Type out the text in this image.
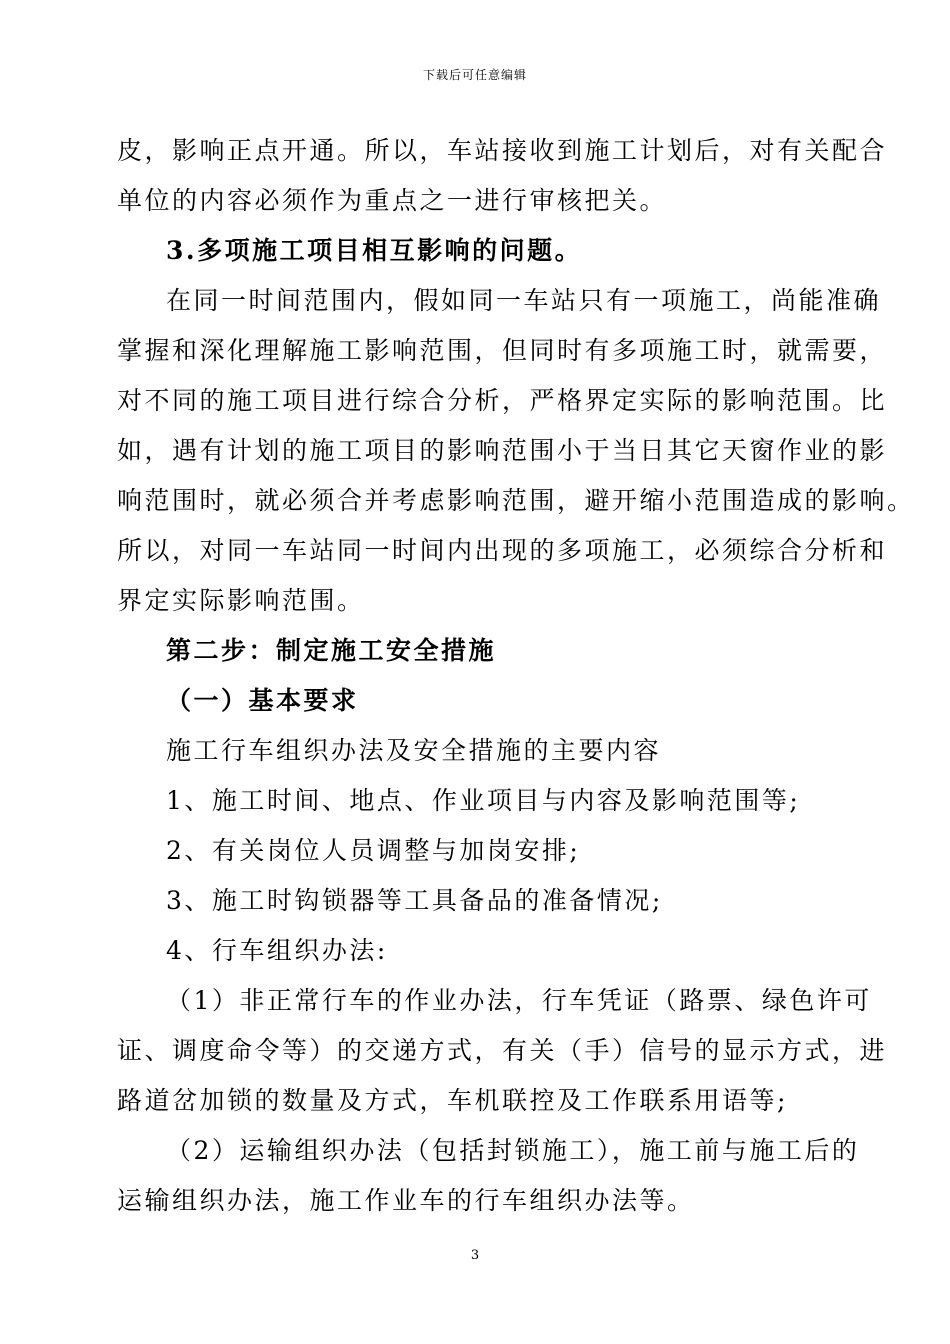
下载后可任意编辑
皮，影响正点开通。所以，车站接收到施工计划后，对有关配合
单位的内容必须作为重点之一进行审核把关。
3.多项施工项目相互影响的问题。
在同一时间范围内，假如同一车站只有一项施工，尚能准确
掌握和深化理解施工影响范围，但同时有多项施工时，就需要，
对不同的施工项目进行综合分析，严格界定实际的影响范围。比
如，遇有计划的施工项目的影响范围小于当日其它天窗作业的影
响范围时，就必须合并考虑影响范围，避开缩小范围造成的影响。
所以，对同一车站同一时间内出现的多项施工，必须综合分析和
界定实际影响范围。
第二步：制定施工安全措施
（一）基本要求
施工行车组织办法及安全措施的主要内容
1、施工时间、地点、作业项目与内容及影响范围等;
2、有关岗位人员调整与加岗安排;
3、施工时钩锁器等工具备品的准备情况;
4、行车组织办法:
（1）非正常行车的作业办法，行车凭证（路票、绿色许可
证、调度命令等）的交递方式，有关（手）信号的显示方式，进
路道岔加锁的数量及方式，车机联控及工作联系用语等;
（2）运输组织办法（包括封锁施工），施工前与施工后的
运输组织办法，施工作业车的行车组织办法等。
3
